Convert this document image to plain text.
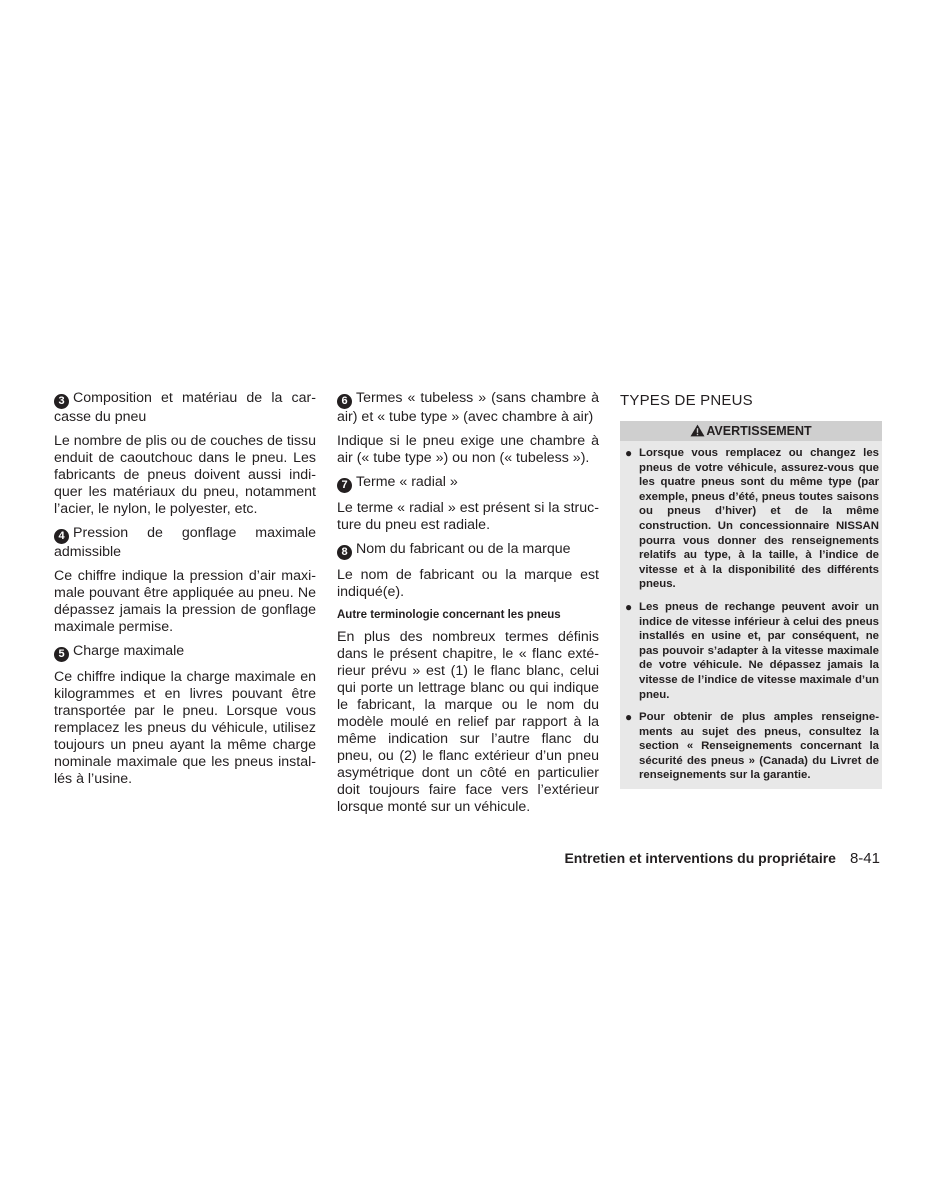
3 Composition et matériau de la carcasse du pneu

Le nombre de plis ou de couches de tissu enduit de caoutchouc dans le pneu. Les fabricants de pneus doivent aussi indiquer les matériaux du pneu, notamment l’acier, le nylon, le polyester, etc.

4 Pression de gonflage maximale admissible

Ce chiffre indique la pression d’air maximale pouvant être appliquée au pneu. Ne dépassez jamais la pression de gonflage maximale permise.

5 Charge maximale

Ce chiffre indique la charge maximale en kilogrammes et en livres pouvant être transportée par le pneu. Lorsque vous remplacez les pneus du véhicule, utilisez toujours un pneu ayant la même charge nominale maximale que les pneus installés à l’usine.

6 Termes « tubeless » (sans chambre à air) et « tube type » (avec chambre à air)

Indique si le pneu exige une chambre à air (« tube type ») ou non (« tubeless »).

7 Terme « radial »

Le terme « radial » est présent si la structure du pneu est radiale.

8 Nom du fabricant ou de la marque

Le nom de fabricant ou la marque est indiqué(e).

Autre terminologie concernant les pneus

En plus des nombreux termes définis dans le présent chapitre, le « flanc extérieur prévu » est (1) le flanc blanc, celui qui porte un lettrage blanc ou qui indique le fabricant, la marque ou le nom du modèle moulé en relief par rapport à la même indication sur l’autre flanc du pneu, ou (2) le flanc extérieur d’un pneu asymétrique dont un côté en particulier doit toujours faire face vers l’extérieur lorsque monté sur un véhicule.

TYPES DE PNEUS
AVERTISSEMENT
● Lorsque vous remplacez ou changez les pneus de votre véhicule, assurez-vous que les quatre pneus sont du même type (par exemple, pneus d’été, pneus toutes saisons ou pneus d’hiver) et de la même construction. Un concessionnaire NISSAN pourra vous donner des renseignements relatifs au type, à la taille, à l’indice de vitesse et à la disponibilité des différents pneus.
● Les pneus de rechange peuvent avoir un indice de vitesse inférieur à celui des pneus installés en usine et, par conséquent, ne pas pouvoir s’adapter à la vitesse maximale de votre véhicule. Ne dépassez jamais la vitesse de l’indice de vitesse maximale d’un pneu.
● Pour obtenir de plus amples renseignements au sujet des pneus, consultez la section « Renseignements concernant la sécurité des pneus » (Canada) du Livret de renseignements sur la garantie.
Entretien et interventions du propriétaire 8-41
